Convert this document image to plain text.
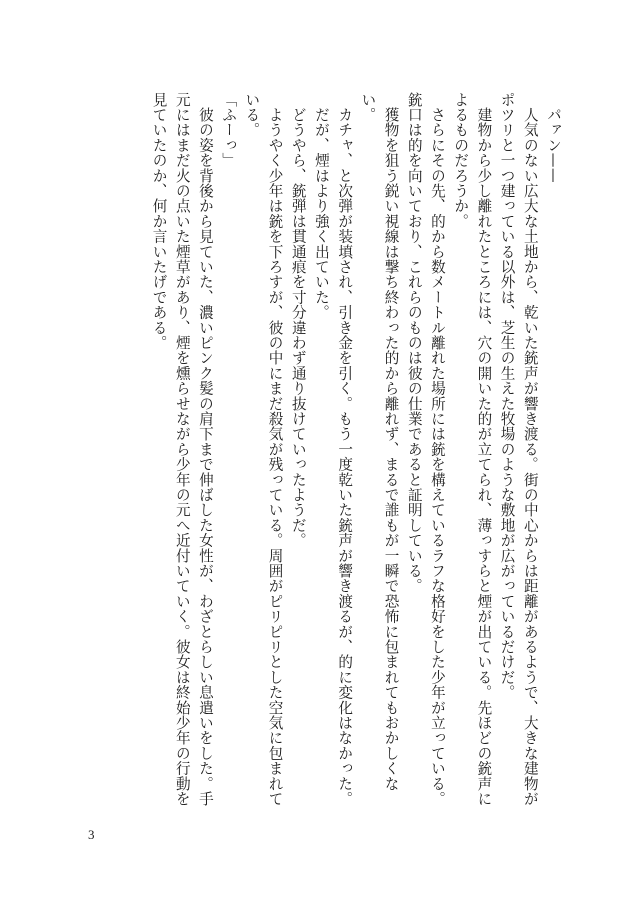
　パァン——

　人気のない広大な土地から、乾いた銃声が響き渡る。街の中心からは距離があるようで、大きな建物がポツリと一つ建っている以外は、芝生の生えた牧場のような敷地が広がっているだけだ。

　建物から少し離れたところには、穴の開いた的が立てられ、薄っすらと煙が出ている。先ほどの銃声によるものだろうか。

　さらにその先、的から数メートル離れた場所には銃を構えているラフな格好をした少年が立っている。銃口は的を向いており、これらのものは彼の仕業であると証明している。

　獲物を狙う鋭い視線は撃ち終わった的から離れず、まるで誰もが一瞬で恐怖に包まれてもおかしくない。

　カチャ、と次弾が装填され、引き金を引く。もう一度乾いた銃声が響き渡るが、的に変化はなかった。

　だが、煙はより強く出ていた。

　どうやら、銃弾は貫通痕を寸分違わず通り抜けていったようだ。

　ようやく少年は銃を下ろすが、彼の中にまだ殺気が残っている。周囲がピリピリとした空気に包まれている。

「ふーっ」

　彼の姿を背後から見ていた、濃いピンク髪の肩下まで伸ばした女性が、わざとらしい息遣いをした。手元にはまだ火の点いた煙草があり、煙を燻らせながら少年の元へ近付いていく。彼女は終始少年の行動を見ていたのか、何か言いたげである。

3
